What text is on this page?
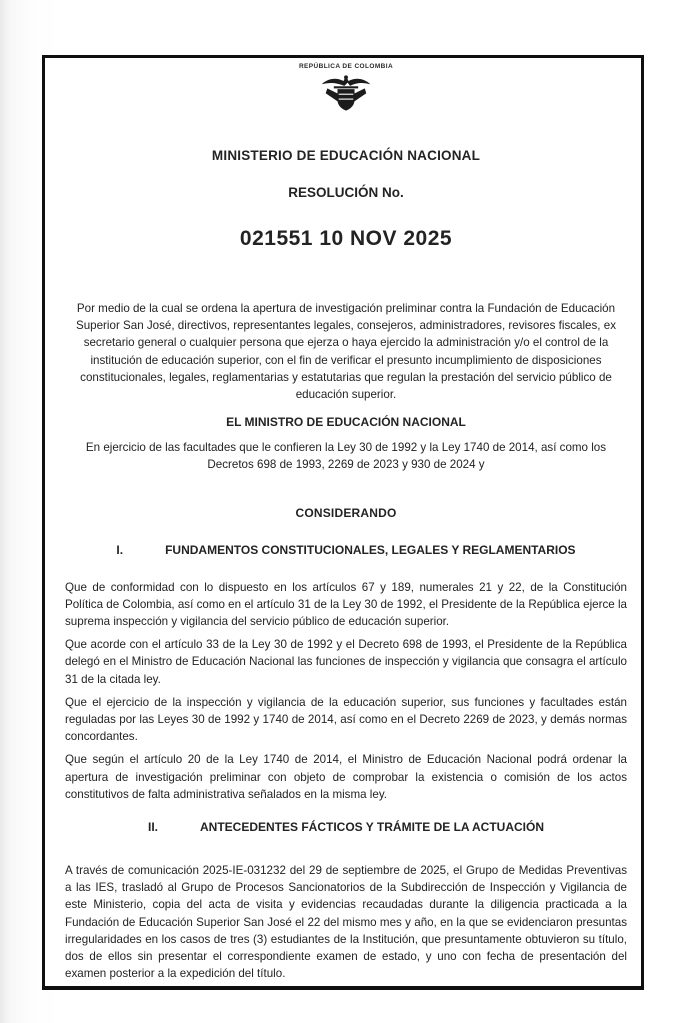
REPÚBLICA DE COLOMBIA
MINISTERIO DE EDUCACIÓN NACIONAL
RESOLUCIÓN No.
021551 10 NOV 2025

Por medio de la cual se ordena la apertura de investigación preliminar contra la Fundación de Educación Superior San José, directivos, representantes legales, consejeros, administradores, revisores fiscales, ex secretario general o cualquier persona que ejerza o haya ejercido la administración y/o el control de la institución de educación superior, con el fin de verificar el presunto incumplimiento de disposiciones constitucionales, legales, reglamentarias y estatutarias que regulan la prestación del servicio público de educación superior.

EL MINISTRO DE EDUCACIÓN NACIONAL

En ejercicio de las facultades que le confieren la Ley 30 de 1992 y la Ley 1740 de 2014, así como los Decretos 698 de 1993, 2269 de 2023 y 930 de 2024 y

CONSIDERANDO
I.	FUNDAMENTOS CONSTITUCIONALES, LEGALES Y REGLAMENTARIOS

Que de conformidad con lo dispuesto en los artículos 67 y 189, numerales 21 y 22, de la Constitución Política de Colombia, así como en el artículo 31 de la Ley 30 de 1992, el Presidente de la República ejerce la suprema inspección y vigilancia del servicio público de educación superior.

Que acorde con el artículo 33 de la Ley 30 de 1992 y el Decreto 698 de 1993, el Presidente de la República delegó en el Ministro de Educación Nacional las funciones de inspección y vigilancia que consagra el artículo 31 de la citada ley.

Que el ejercicio de la inspección y vigilancia de la educación superior, sus funciones y facultades están reguladas por las Leyes 30 de 1992 y 1740 de 2014, así como en el Decreto 2269 de 2023, y demás normas concordantes.

Que según el artículo 20 de la Ley 1740 de 2014, el Ministro de Educación Nacional podrá ordenar la apertura de investigación preliminar con objeto de comprobar la existencia o comisión de los actos constitutivos de falta administrativa señalados en la misma ley.

II.	ANTECEDENTES FÁCTICOS Y TRÁMITE DE LA ACTUACIÓN

A través de comunicación 2025-IE-031232 del 29 de septiembre de 2025, el Grupo de Medidas Preventivas a las IES, trasladó al Grupo de Procesos Sancionatorios de la Subdirección de Inspección y Vigilancia de este Ministerio, copia del acta de visita y evidencias recaudadas durante la diligencia practicada a la Fundación de Educación Superior San José el 22 del mismo mes y año, en la que se evidenciaron presuntas irregularidades en los casos de tres (3) estudiantes de la Institución, que presuntamente obtuvieron su título, dos de ellos sin presentar el correspondiente examen de estado, y uno con fecha de presentación del examen posterior a la expedición del título.
